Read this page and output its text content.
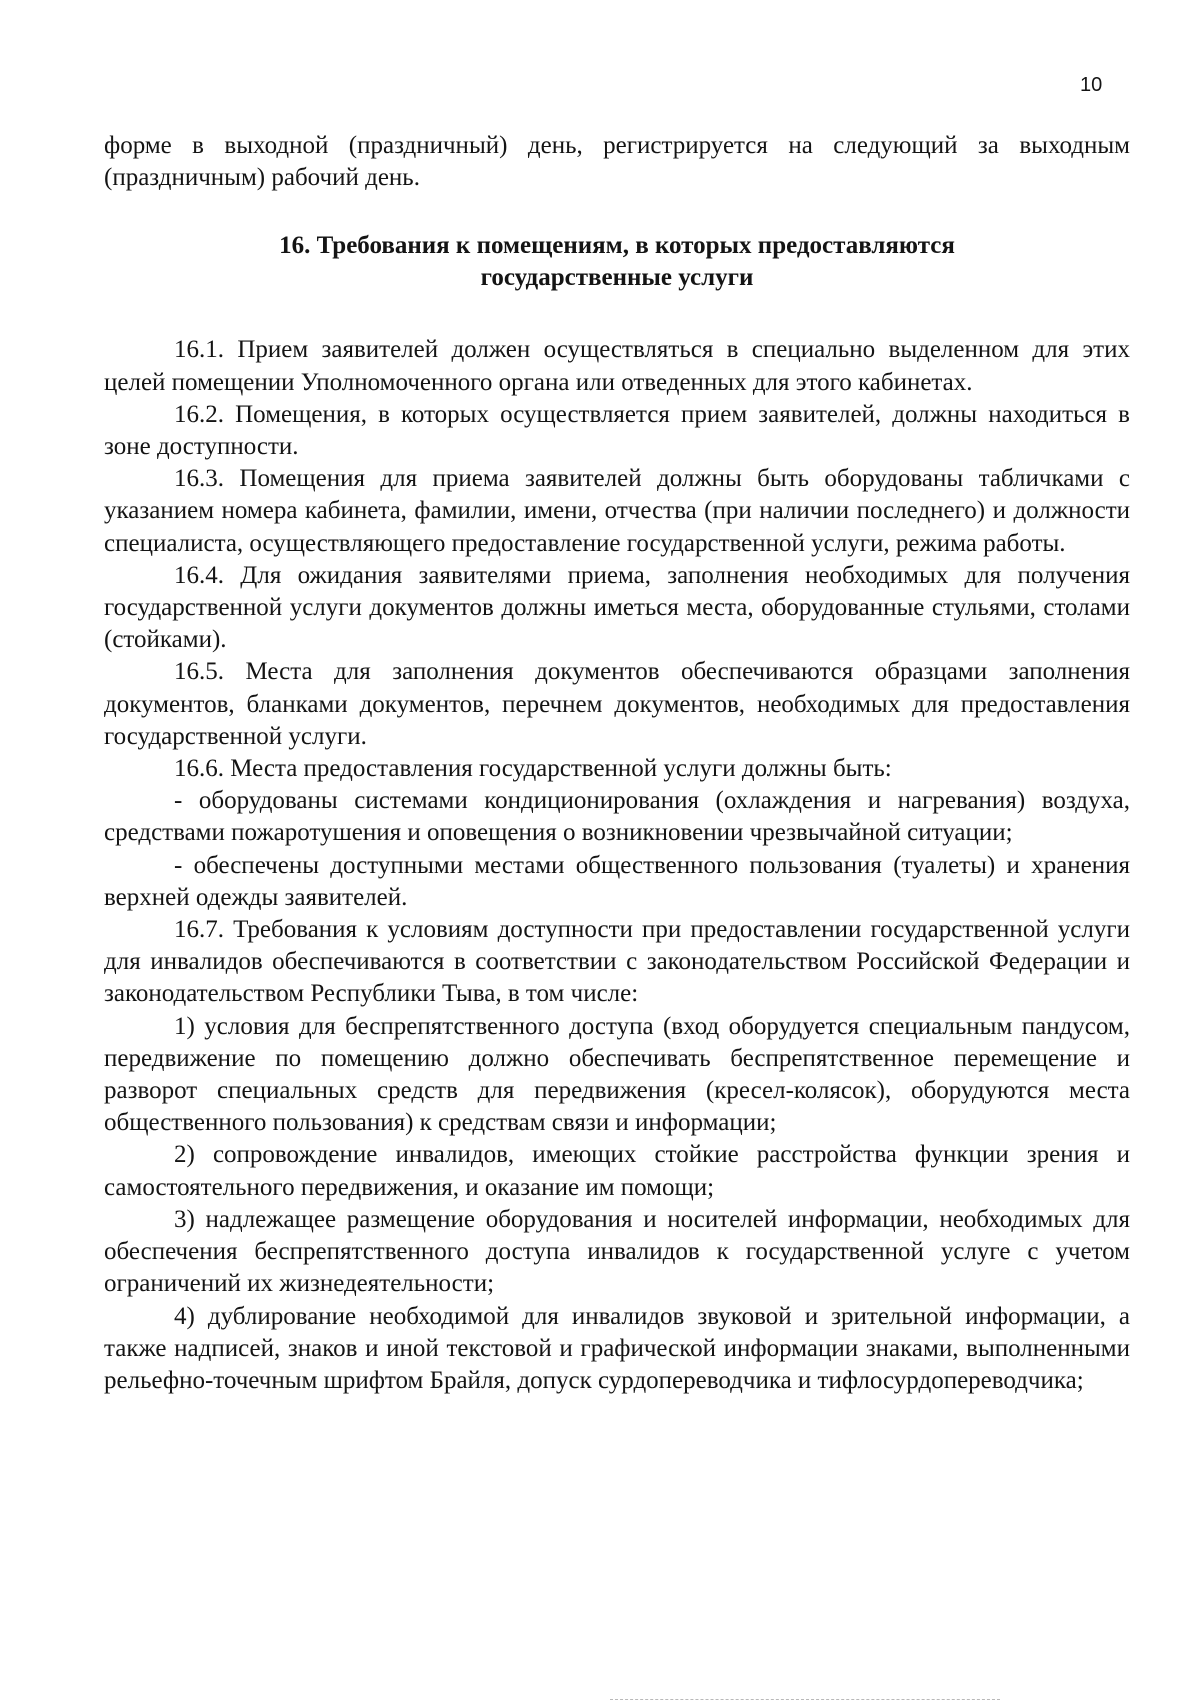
10

форме в выходной (праздничный) день, регистрируется на следующий за выходным (праздничным) рабочий день.

16. Требования к помещениям, в которых предоставляются государственные услуги

16.1. Прием заявителей должен осуществляться в специально выделенном для этих целей помещении Уполномоченного органа или отведенных для этого кабинетах.

16.2. Помещения, в которых осуществляется прием заявителей, должны находиться в зоне доступности.

16.3. Помещения для приема заявителей должны быть оборудованы табличками с указанием номера кабинета, фамилии, имени, отчества (при наличии последнего) и должности специалиста, осуществляющего предоставление государственной услуги, режима работы.

16.4. Для ожидания заявителями приема, заполнения необходимых для получения государственной услуги документов должны иметься места, оборудованные стульями, столами (стойками).

16.5. Места для заполнения документов обеспечиваются образцами заполнения документов, бланками документов, перечнем документов, необходимых для предоставления государственной услуги.

16.6. Места предоставления государственной услуги должны быть:

- оборудованы системами кондиционирования (охлаждения и нагревания) воздуха, средствами пожаротушения и оповещения о возникновении чрезвычайной ситуации;

- обеспечены доступными местами общественного пользования (туалеты) и хранения верхней одежды заявителей.

16.7. Требования к условиям доступности при предоставлении государственной услуги для инвалидов обеспечиваются в соответствии с законодательством Российской Федерации и законодательством Республики Тыва, в том числе:

1) условия для беспрепятственного доступа (вход оборудуется специальным пандусом, передвижение по помещению должно обеспечивать беспрепятственное перемещение и разворот специальных средств для передвижения (кресел-колясок), оборудуются места общественного пользования) к средствам связи и информации;

2) сопровождение инвалидов, имеющих стойкие расстройства функции зрения и самостоятельного передвижения, и оказание им помощи;

3) надлежащее размещение оборудования и носителей информации, необходимых для обеспечения беспрепятственного доступа инвалидов к государственной услуге с учетом ограничений их жизнедеятельности;

4) дублирование необходимой для инвалидов звуковой и зрительной информации, а также надписей, знаков и иной текстовой и графической информации знаками, выполненными рельефно-точечным шрифтом Брайля, допуск сурдопереводчика и тифлосурдопереводчика;
